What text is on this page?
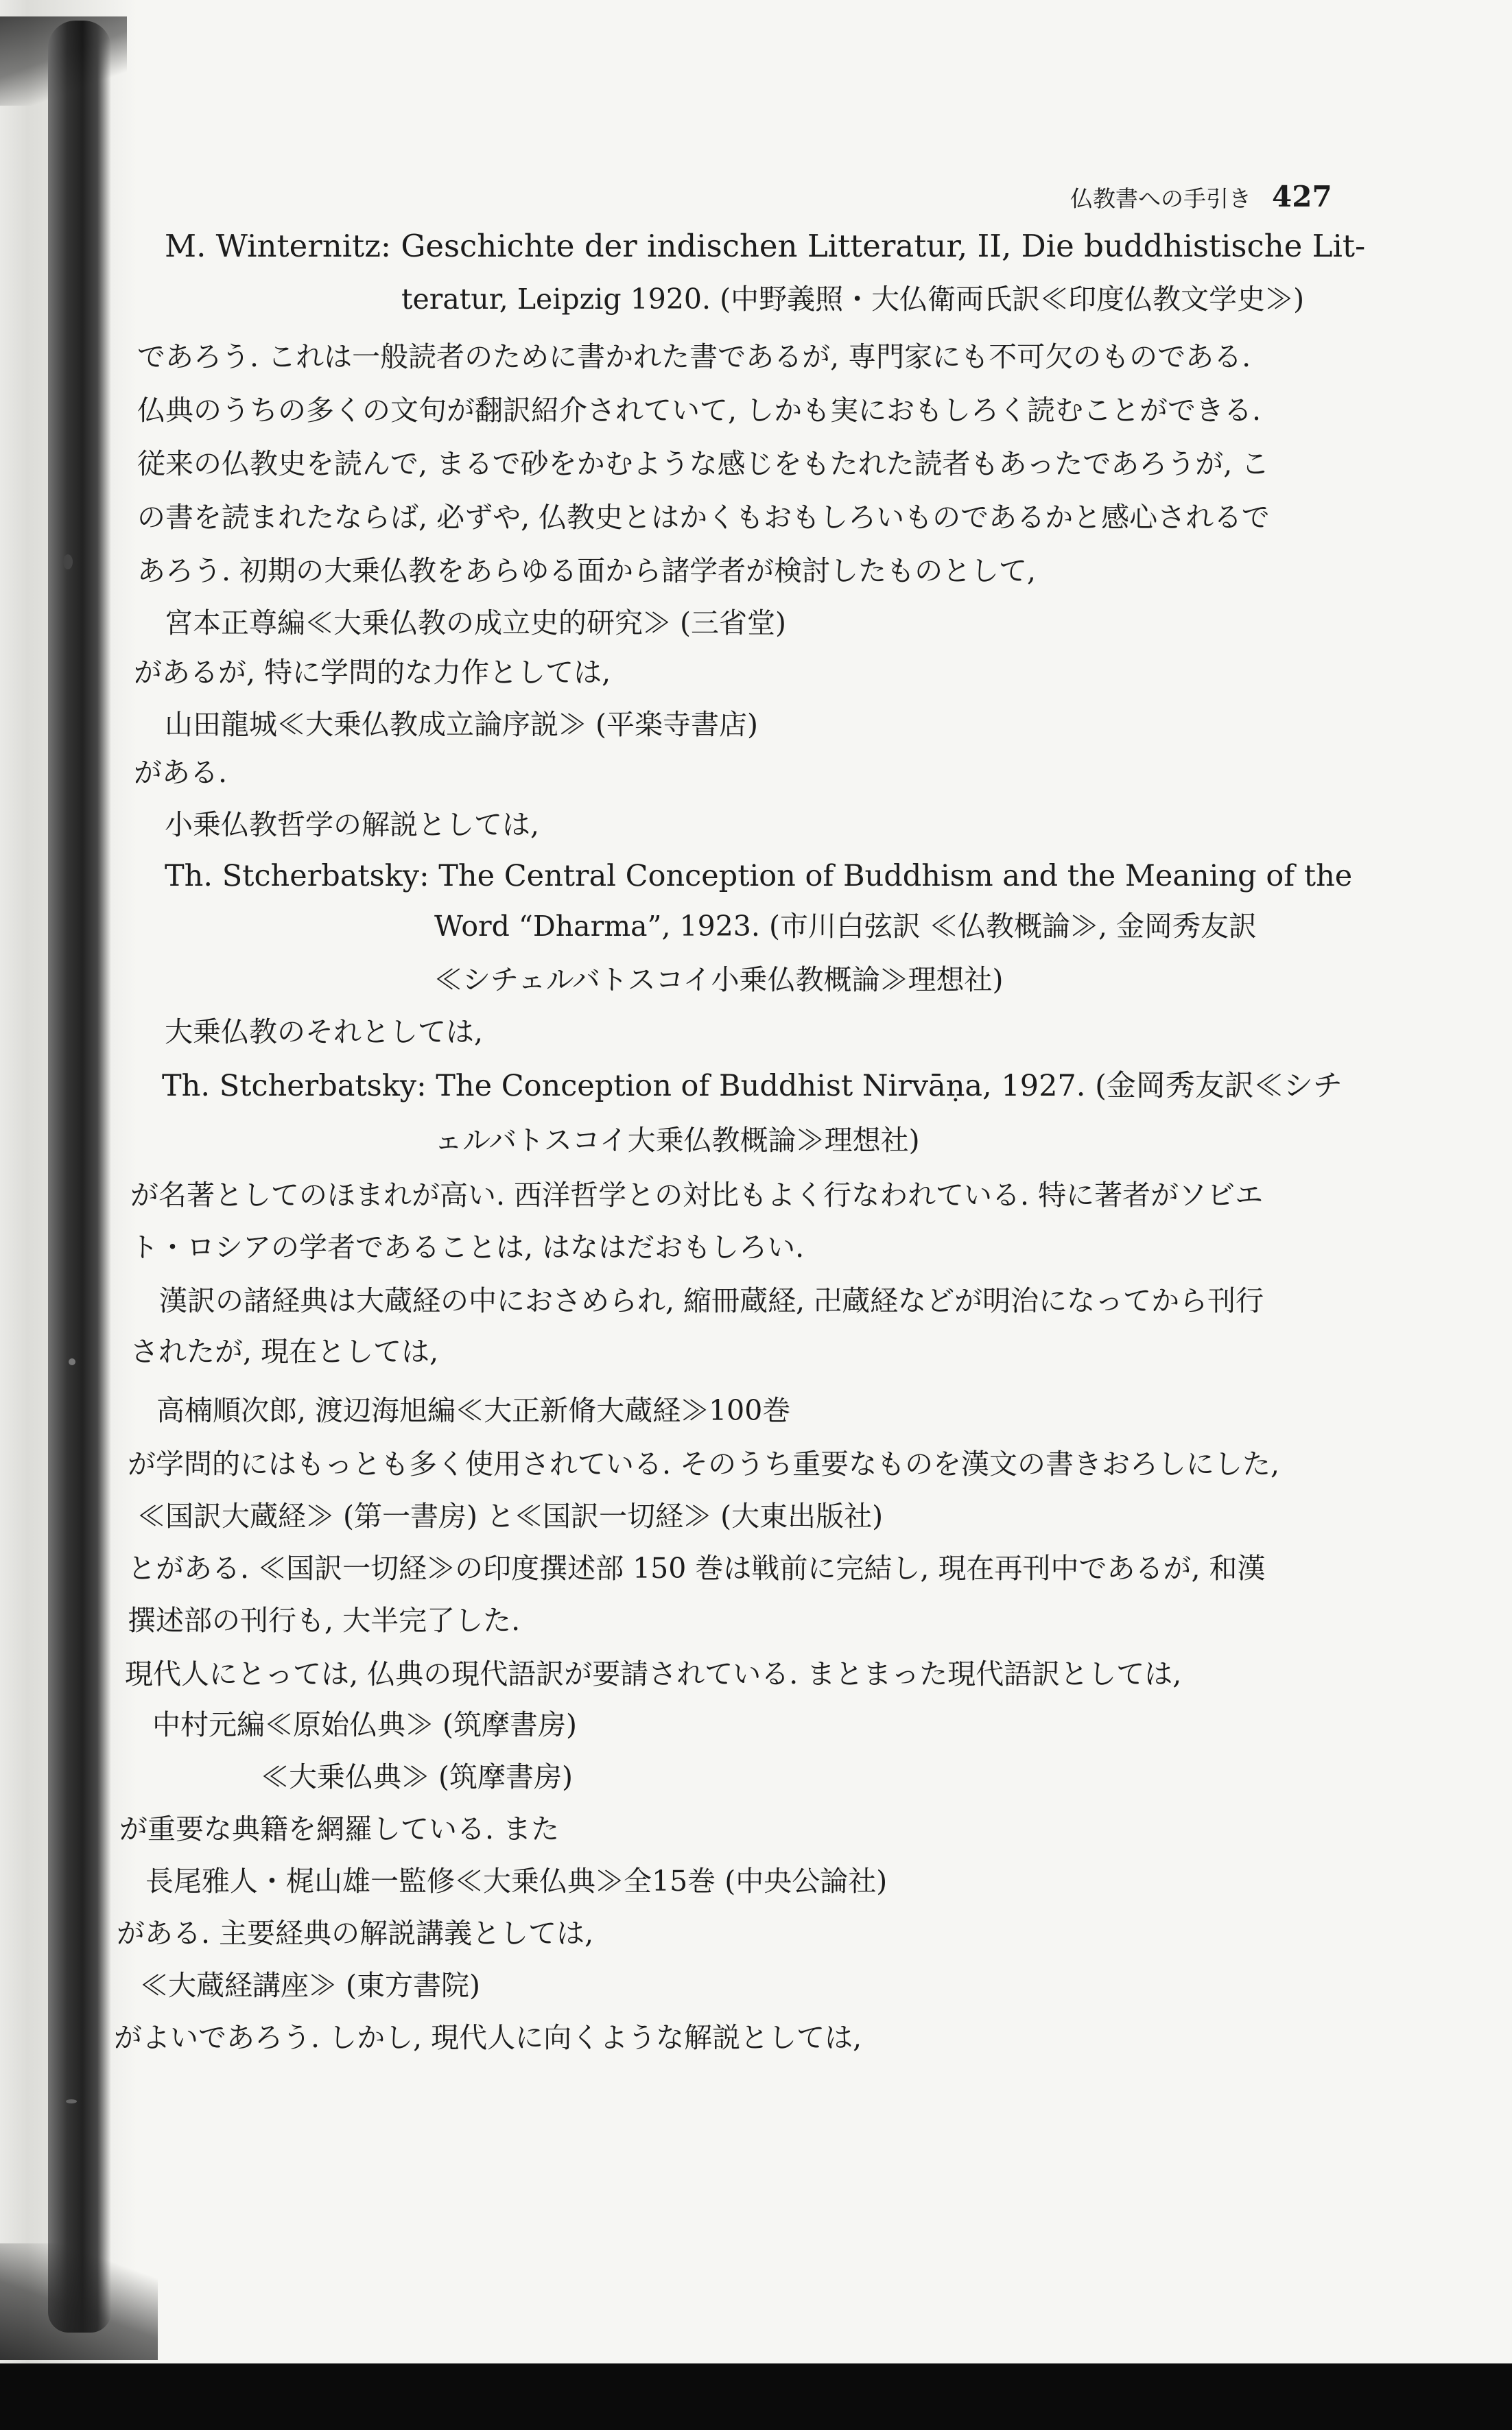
仏教書への手引き 427
M. Winternitz: Geschichte der indischen Litteratur, II, Die buddhistische Lit-
teratur, Leipzig 1920. (中野義照・大仏衛両氏訳≪印度仏教文学史≫)
であろう. これは一般読者のために書かれた書であるが, 専門家にも不可欠のものである.
仏典のうちの多くの文句が翻訳紹介されていて, しかも実におもしろく読むことができる.
従来の仏教史を読んで, まるで砂をかむような感じをもたれた読者もあったであろうが, こ
の書を読まれたならば, 必ずや, 仏教史とはかくもおもしろいものであるかと感心されるで
あろう. 初期の大乗仏教をあらゆる面から諸学者が検討したものとして,
宮本正尊編≪大乗仏教の成立史的研究≫ (三省堂)
があるが, 特に学問的な力作としては,
山田龍城≪大乗仏教成立論序説≫ (平楽寺書店)
がある.
小乗仏教哲学の解説としては,
Th. Stcherbatsky: The Central Conception of Buddhism and the Meaning of the
Word “Dharma”, 1923. (市川白弦訳 ≪仏教概論≫, 金岡秀友訳
≪シチェルバトスコイ小乗仏教概論≫理想社)
大乗仏教のそれとしては,
Th. Stcherbatsky: The Conception of Buddhist Nirvāṇa, 1927. (金岡秀友訳≪シチ
ェルバトスコイ大乗仏教概論≫理想社)
が名著としてのほまれが高い. 西洋哲学との対比もよく行なわれている. 特に著者がソビエ
ト・ロシアの学者であることは, はなはだおもしろい.
漢訳の諸経典は大蔵経の中におさめられ, 縮冊蔵経, 卍蔵経などが明治になってから刊行
されたが, 現在としては,
高楠順次郎, 渡辺海旭編≪大正新脩大蔵経≫100巻
が学問的にはもっとも多く使用されている. そのうち重要なものを漢文の書きおろしにした,
≪国訳大蔵経≫ (第一書房) と≪国訳一切経≫ (大東出版社)
とがある. ≪国訳一切経≫の印度撰述部 150 巻は戦前に完結し, 現在再刊中であるが, 和漢
撰述部の刊行も, 大半完了した.
現代人にとっては, 仏典の現代語訳が要請されている. まとまった現代語訳としては,
中村元編≪原始仏典≫ (筑摩書房)
≪大乗仏典≫ (筑摩書房)
が重要な典籍を網羅している. また
長尾雅人・梶山雄一監修≪大乗仏典≫全15巻 (中央公論社)
がある. 主要経典の解説講義としては,
≪大蔵経講座≫ (東方書院)
がよいであろう. しかし, 現代人に向くような解説としては,
